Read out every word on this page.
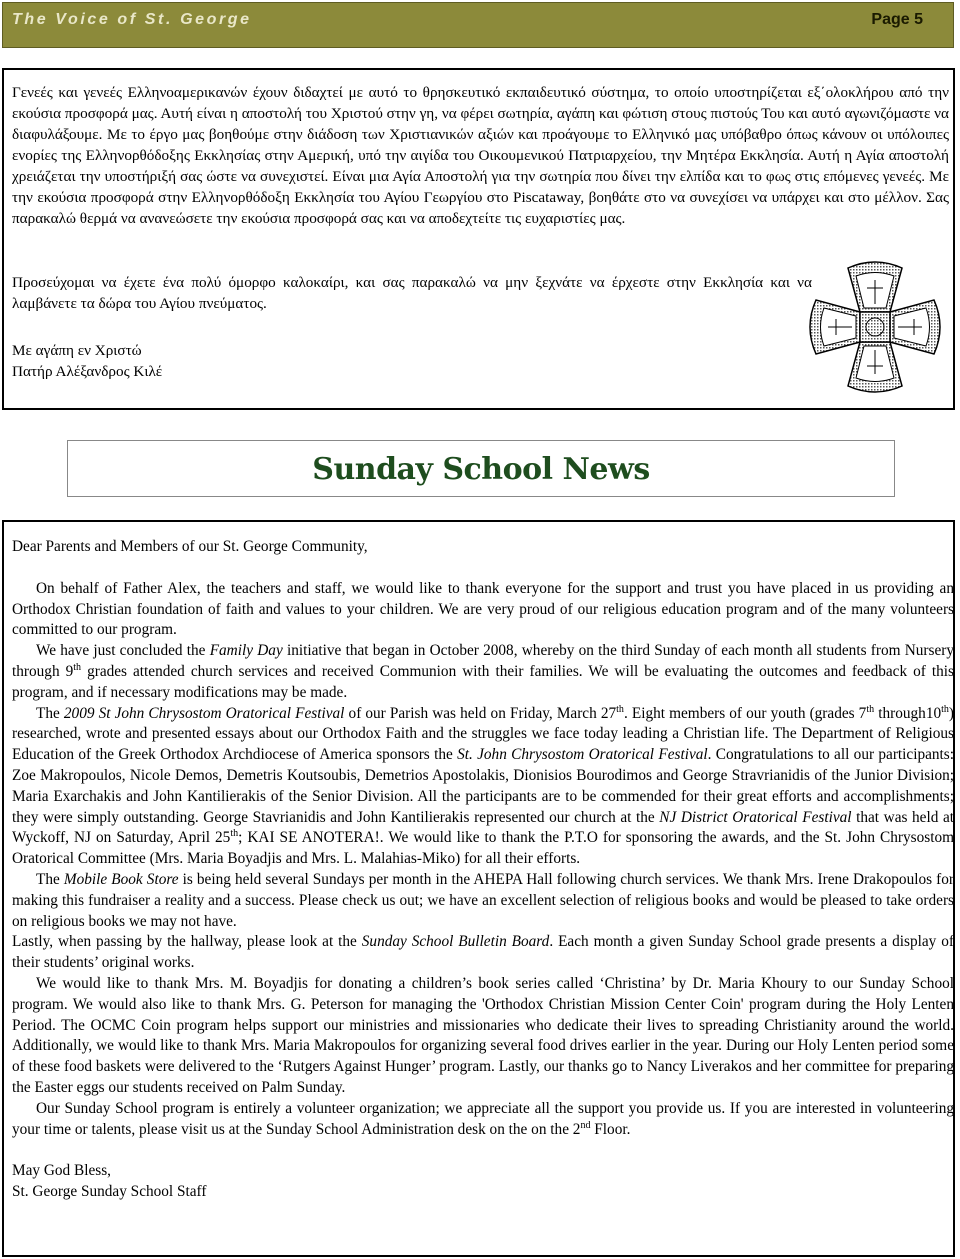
The Voice of St. George	Page 5

Γενεές και γενεές Ελληνοαμερικανών έχουν διδαχτεί με αυτό το θρησκευτικό εκπαιδευτικό σύστημα, το οποίο υποστηρίζεται εξ΄ολοκλήρου από την εκούσια προσφορά μας. Αυτή είναι η αποστολή του Χριστού στην γη, να φέρει σωτηρία, αγάπη και φώτιση στους πιστούς Του και αυτό αγωνιζόμαστε να διαφυλάξουμε. Με το έργο μας βοηθούμε στην διάδοση των Χριστιανικών αξιών και προάγουμε το Ελληνικό μας υπόβαθρο όπως κάνουν οι υπόλοιπες ενορίες της Ελληνορθόδοξης Εκκλησίας στην Αμερική, υπό την αιγίδα του Οικουμενικού Πατριαρχείου, την Μητέρα Εκκλησία. Αυτή η Αγία αποστολή χρειάζεται την υποστήριξή σας ώστε να συνεχιστεί. Είναι μια Αγία Αποστολή για την σωτηρία που δίνει την ελπίδα και το φως στις επόμενες γενεές. Με την εκούσια προσφορά στην Ελληνορθόδοξη Εκκλησία του Αγίου Γεωργίου στο Piscataway, βοηθάτε στο να συνεχίσει να υπάρχει και στο μέλλον. Σας παρακαλώ θερμά να ανανεώσετε την εκούσια προσφορά σας και να αποδεχτείτε τις ευχαριστίες μας.

Προσεύχομαι να έχετε ένα πολύ όμορφο καλοκαίρι, και σας παρακαλώ να μην ξεχνάτε να έρχεστε στην Εκκλησία και να λαμβάνετε τα δώρα του Αγίου πνεύματος.

Με αγάπη εν Χριστώ

Πατήρ Αλέξανδρος Κιλέ

Sunday School News

Dear Parents and Members of our St. George Community,

On behalf of Father Alex, the teachers and staff, we would like to thank everyone for the support and trust you have placed in us providing an Orthodox Christian foundation of faith and values to your children. We are very proud of our religious education program and of the many volunteers committed to our program.

We have just concluded the Family Day initiative that began in October 2008, whereby on the third Sunday of each month all students from Nursery through 9th grades attended church services and received Communion with their families. We will be evaluating the outcomes and feedback of this program, and if necessary modifications may be made.

The 2009 St John Chrysostom Oratorical Festival of our Parish was held on Friday, March 27th. Eight members of our youth (grades 7th through10th) researched, wrote and presented essays about our Orthodox Faith and the struggles we face today leading a Christian life. The Department of Religious Education of the Greek Orthodox Archdiocese of America sponsors the St. John Chrysostom Oratorical Festival. Congratulations to all our participants: Zoe Makropoulos, Nicole Demos, Demetris Koutsoubis, Demetrios Apostolakis, Dionisios Bourodimos and George Stravrianidis of the Junior Division; Maria Exarchakis and John Kantilierakis of the Senior Division. All the participants are to be commended for their great efforts and accomplishments; they were simply outstanding. George Stavrianidis and John Kantilierakis represented our church at the NJ District Oratorical Festival that was held at Wyckoff, NJ on Saturday, April 25th; KAI SE ANOTERA!. We would like to thank the P.T.O for sponsoring the awards, and the St. John Chrysostom Oratorical Committee (Mrs. Maria Boyadjis and Mrs. L. Malahias-Miko) for all their efforts.

The Mobile Book Store is being held several Sundays per month in the AHEPA Hall following church services. We thank Mrs. Irene Drakopoulos for making this fundraiser a reality and a success. Please check us out; we have an excellent selection of religious books and would be pleased to take orders on religious books we may not have.

Lastly, when passing by the hallway, please look at the Sunday School Bulletin Board. Each month a given Sunday School grade presents a display of their students’ original works.

We would like to thank Mrs. M. Boyadjis for donating a children’s book series called ‘Christina’ by Dr. Maria Khoury to our Sunday School program. We would also like to thank Mrs. G. Peterson for managing the 'Orthodox Christian Mission Center Coin' program during the Holy Lenten Period. The OCMC Coin program helps support our ministries and missionaries who dedicate their lives to spreading Christianity around the world. Additionally, we would like to thank Mrs. Maria Makropoulos for organizing several food drives earlier in the year. During our Holy Lenten period some of these food baskets were delivered to the ‘Rutgers Against Hunger’ program. Lastly, our thanks go to Nancy Liverakos and her committee for preparing the Easter eggs our students received on Palm Sunday.

Our Sunday School program is entirely a volunteer organization; we appreciate all the support you provide us. If you are interested in volunteering your time or talents, please visit us at the Sunday School Administration desk on the on the 2nd Floor.

May God Bless,

St. George Sunday School Staff
